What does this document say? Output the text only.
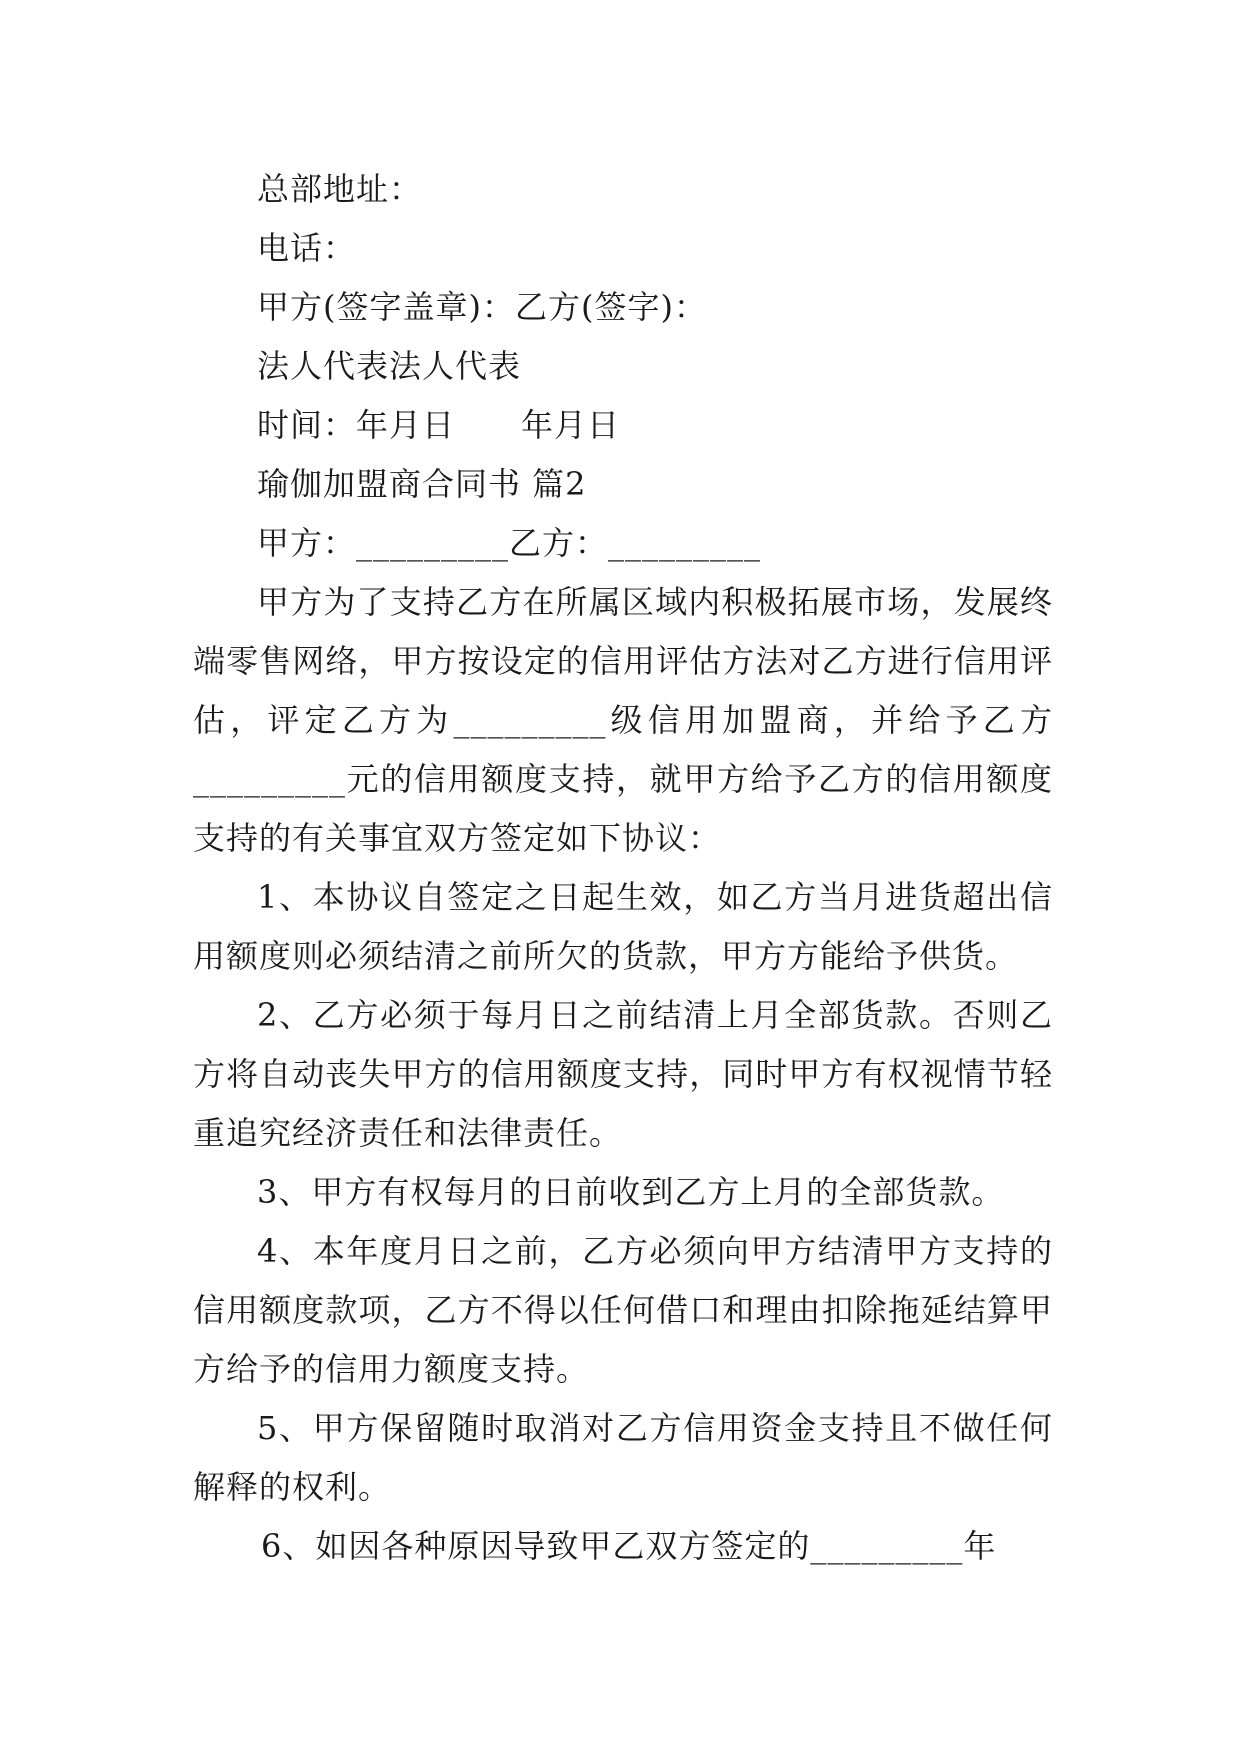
总部地址：

电话：

甲方(签字盖章)：乙方(签字)：

法人代表法人代表

时间：年月日　　年月日

瑜伽加盟商合同书 篇2

甲方：_________乙方：_________

甲方为了支持乙方在所属区域内积极拓展市场，发展终端零售网络，甲方按设定的信用评估方法对乙方进行信用评估，评定乙方为_________级信用加盟商，并给予乙方_________元的信用额度支持，就甲方给予乙方的信用额度支持的有关事宜双方签定如下协议：

1、本协议自签定之日起生效，如乙方当月进货超出信用额度则必须结清之前所欠的货款，甲方方能给予供货。

2、乙方必须于每月日之前结清上月全部货款。否则乙方将自动丧失甲方的信用额度支持，同时甲方有权视情节轻重追究经济责任和法律责任。

3、甲方有权每月的日前收到乙方上月的全部货款。

4、本年度月日之前，乙方必须向甲方结清甲方支持的信用额度款项，乙方不得以任何借口和理由扣除拖延结算甲方给予的信用力额度支持。

5、甲方保留随时取消对乙方信用资金支持且不做任何解释的权利。

6、如因各种原因导致甲乙双方签定的_________年
